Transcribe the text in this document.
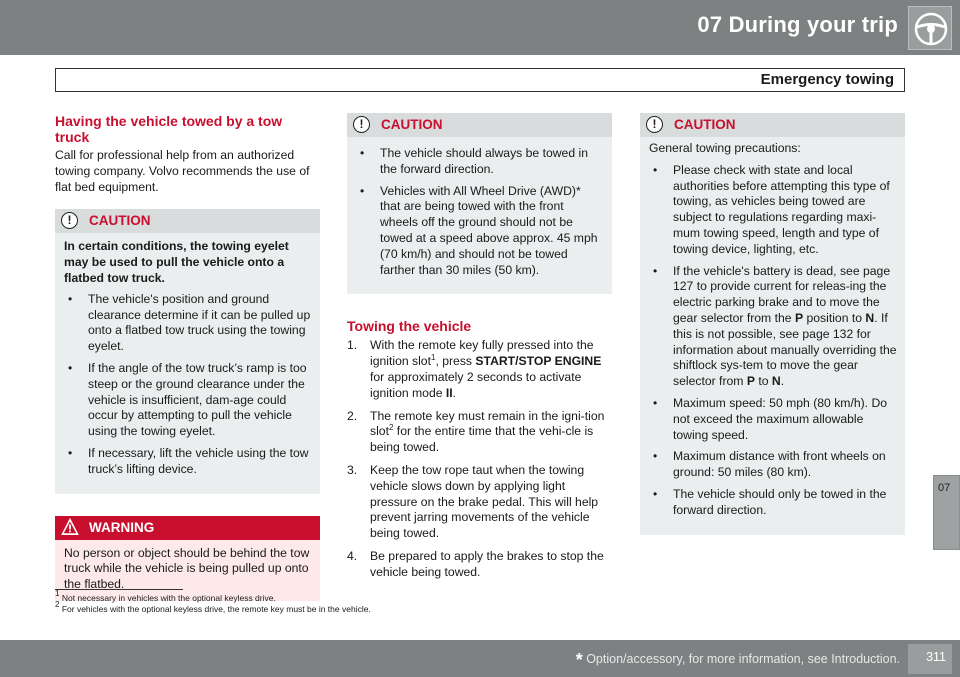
07 During your trip
Emergency towing
07
Having the vehicle towed by a tow truck

Call for professional help from an authorized towing company. Volvo recommends the use of flat bed equipment.

!	CAUTION

In certain conditions, the towing eyelet may be used to pull the vehicle onto a flatbed tow truck.

• The vehicle's position and ground clearance determine if it can be pulled up onto a flatbed tow truck using the towing eyelet.
• If the angle of the tow truck’s ramp is too steep or the ground clearance under the vehicle is insufficient, dam-age could occur by attempting to pull the vehicle using the towing eyelet.
• If necessary, lift the vehicle using the tow truck’s lifting device.
WARNING

No person or object should be behind the tow truck while the vehicle is being pulled up onto the flatbed.

!	CAUTION
• The vehicle should always be towed in the forward direction.
• Vehicles with All Wheel Drive (AWD)* that are being towed with the front wheels off the ground should not be towed at a speed above approx. 45 mph (70 km/h) and should not be towed farther than 30 miles (50 km).
Towing the vehicle
1. With the remote key fully pressed into the ignition slot$^1$, press START/STOP ENGINE for approximately 2 seconds to activate ignition mode II.
2. The remote key must remain in the igni-tion slot$^2$ for the entire time that the vehi-cle is being towed.
3. Keep the tow rope taut when the towing vehicle slows down by applying light pressure on the brake pedal. This will help prevent jarring movements of the vehicle being towed.
4. Be prepared to apply the brakes to stop the vehicle being towed.
!	CAUTION

General towing precautions:

• Please check with state and local authorities before attempting this type of towing, as vehicles being towed are subject to regulations regarding maxi-mum towing speed, length and type of towing device, lighting, etc.
• If the vehicle's battery is dead, see page 127 to provide current for releas-ing the electric parking brake and to move the gear selector from the P position to N. If this is not possible, see page 132 for information about manually overriding the shiftlock sys-tem to move the gear selector from P to N.
• Maximum speed: 50 mph (80 km/h). Do not exceed the maximum allowable towing speed.
• Maximum distance with front wheels on ground: 50 miles (80 km).
• The vehicle should only be towed in the forward direction.
$^1$ Not necessary in vehicles with the optional keyless drive.
$^2$ For vehicles with the optional keyless drive, the remote key must be in the vehicle.
* Option/accessory, for more information, see Introduction. 311
